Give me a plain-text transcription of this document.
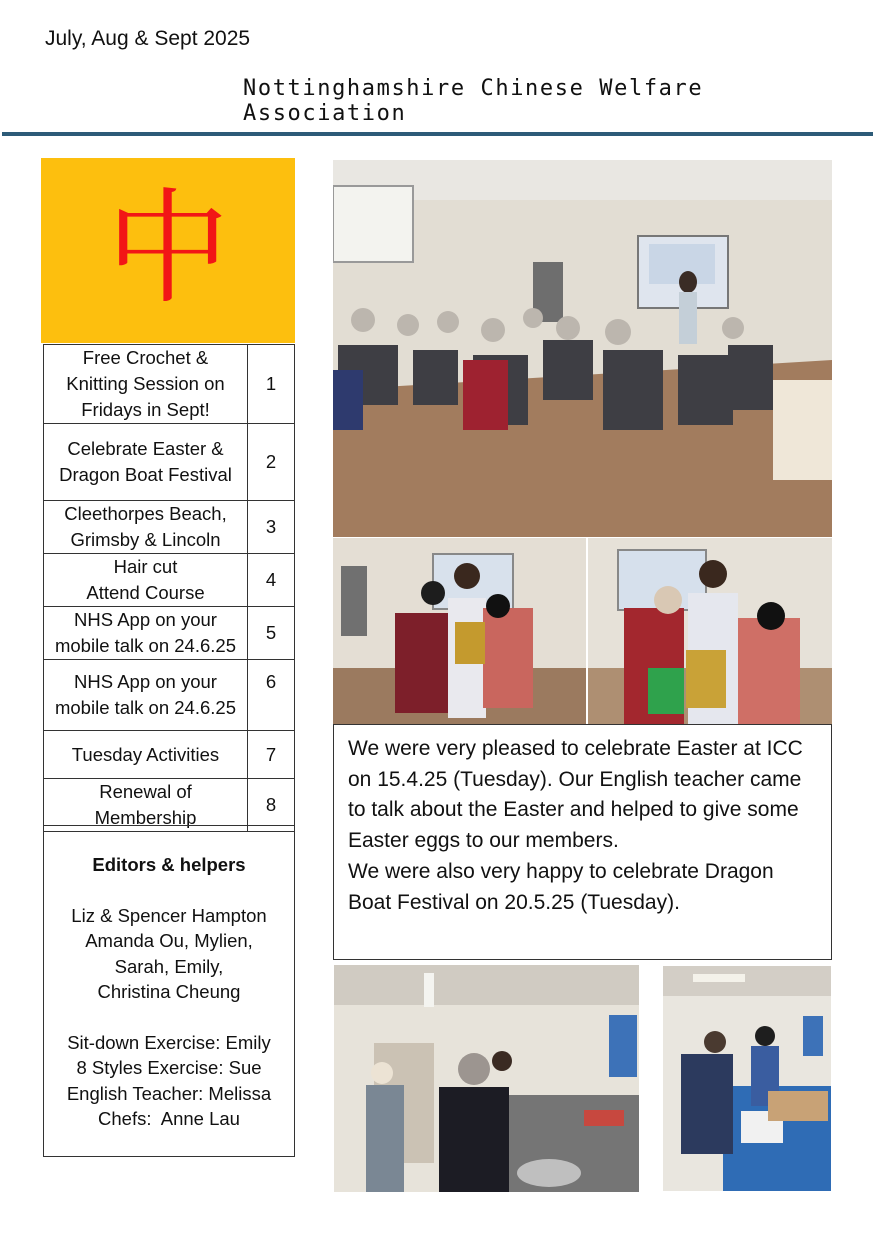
July, Aug & Sept 2025
Nottinghamshire Chinese Welfare Association
中
Free Crochet &
Knitting Session on
Fridays in Sept!	1
Celebrate Easter &
Dragon Boat Festival	2
Cleethorpes Beach,
Grimsby & Lincoln	3
Hair cut
Attend Course	4
NHS App on your
mobile talk on 24.6.25	5
NHS App on your
mobile talk on 24.6.25	6
Tuesday Activities	7
Renewal of
Membership	8
Editors & helpers
Liz & Spencer Hampton
Amanda Ou, Mylien,
Sarah, Emily,
Christina Cheung
Sit-down Exercise: Emily
8 Styles Exercise: Sue
English Teacher: Melissa
Chefs:  Anne Lau

We were very pleased to celebrate Easter at ICC on 15.4.25 (Tuesday). Our English teacher came to talk about the Easter and helped to give some Easter eggs to our members.

We were also very happy to celebrate Dragon Boat Festival on 20.5.25 (Tuesday).
